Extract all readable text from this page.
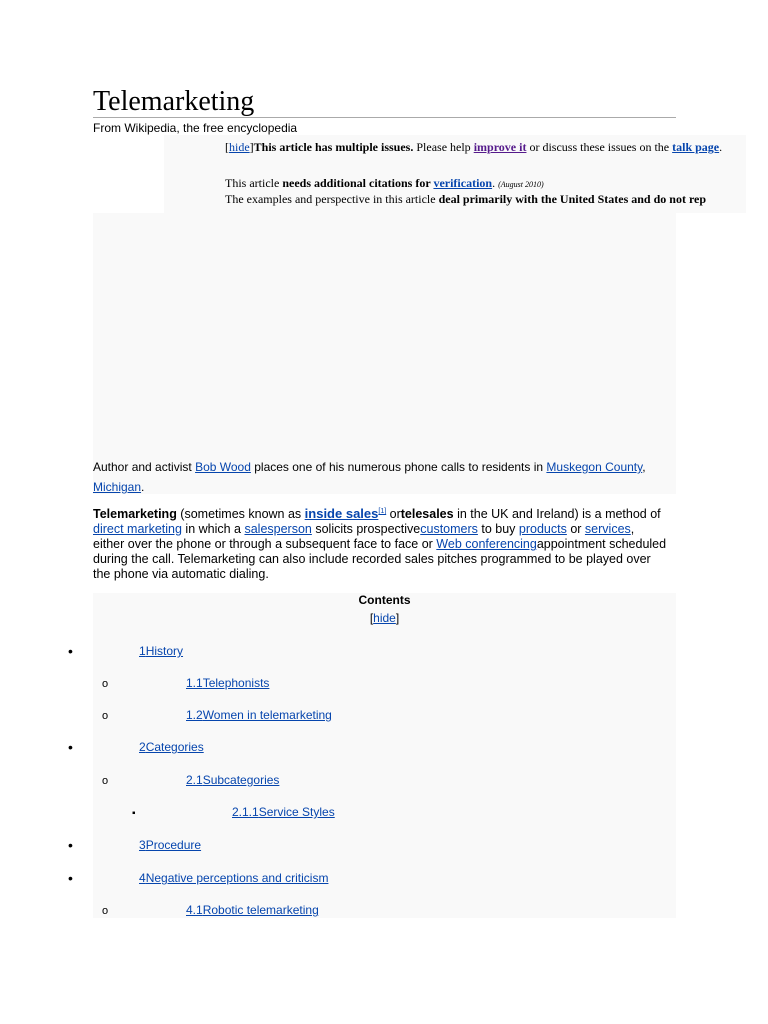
Telemarketing
From Wikipedia, the free encyclopedia
[hide]This article has multiple issues. Please help improve it or discuss these issues on the talk page.
This article needs additional citations for verification. (August 2010)
The examples and perspective in this article deal primarily with the United States and do not rep
Author and activist Bob Wood places one of his numerous phone calls to residents in Muskegon County, Michigan.
Telemarketing (sometimes known as inside sales[1] ortelesales in the UK and Ireland) is a method of direct marketing in which a salesperson solicits prospectivecustomers to buy products or services, either over the phone or through a subsequent face to face or Web conferencingappointment scheduled during the call. Telemarketing can also include recorded sales pitches programmed to be played over the phone via automatic dialing.
Contents
[hide]
•
o
o
•
o
▪
•
•
o
1History
1.1Telephonists
1.2Women in telemarketing
2Categories
2.1Subcategories
2.1.1Service Styles
3Procedure
4Negative perceptions and criticism
4.1Robotic telemarketing
